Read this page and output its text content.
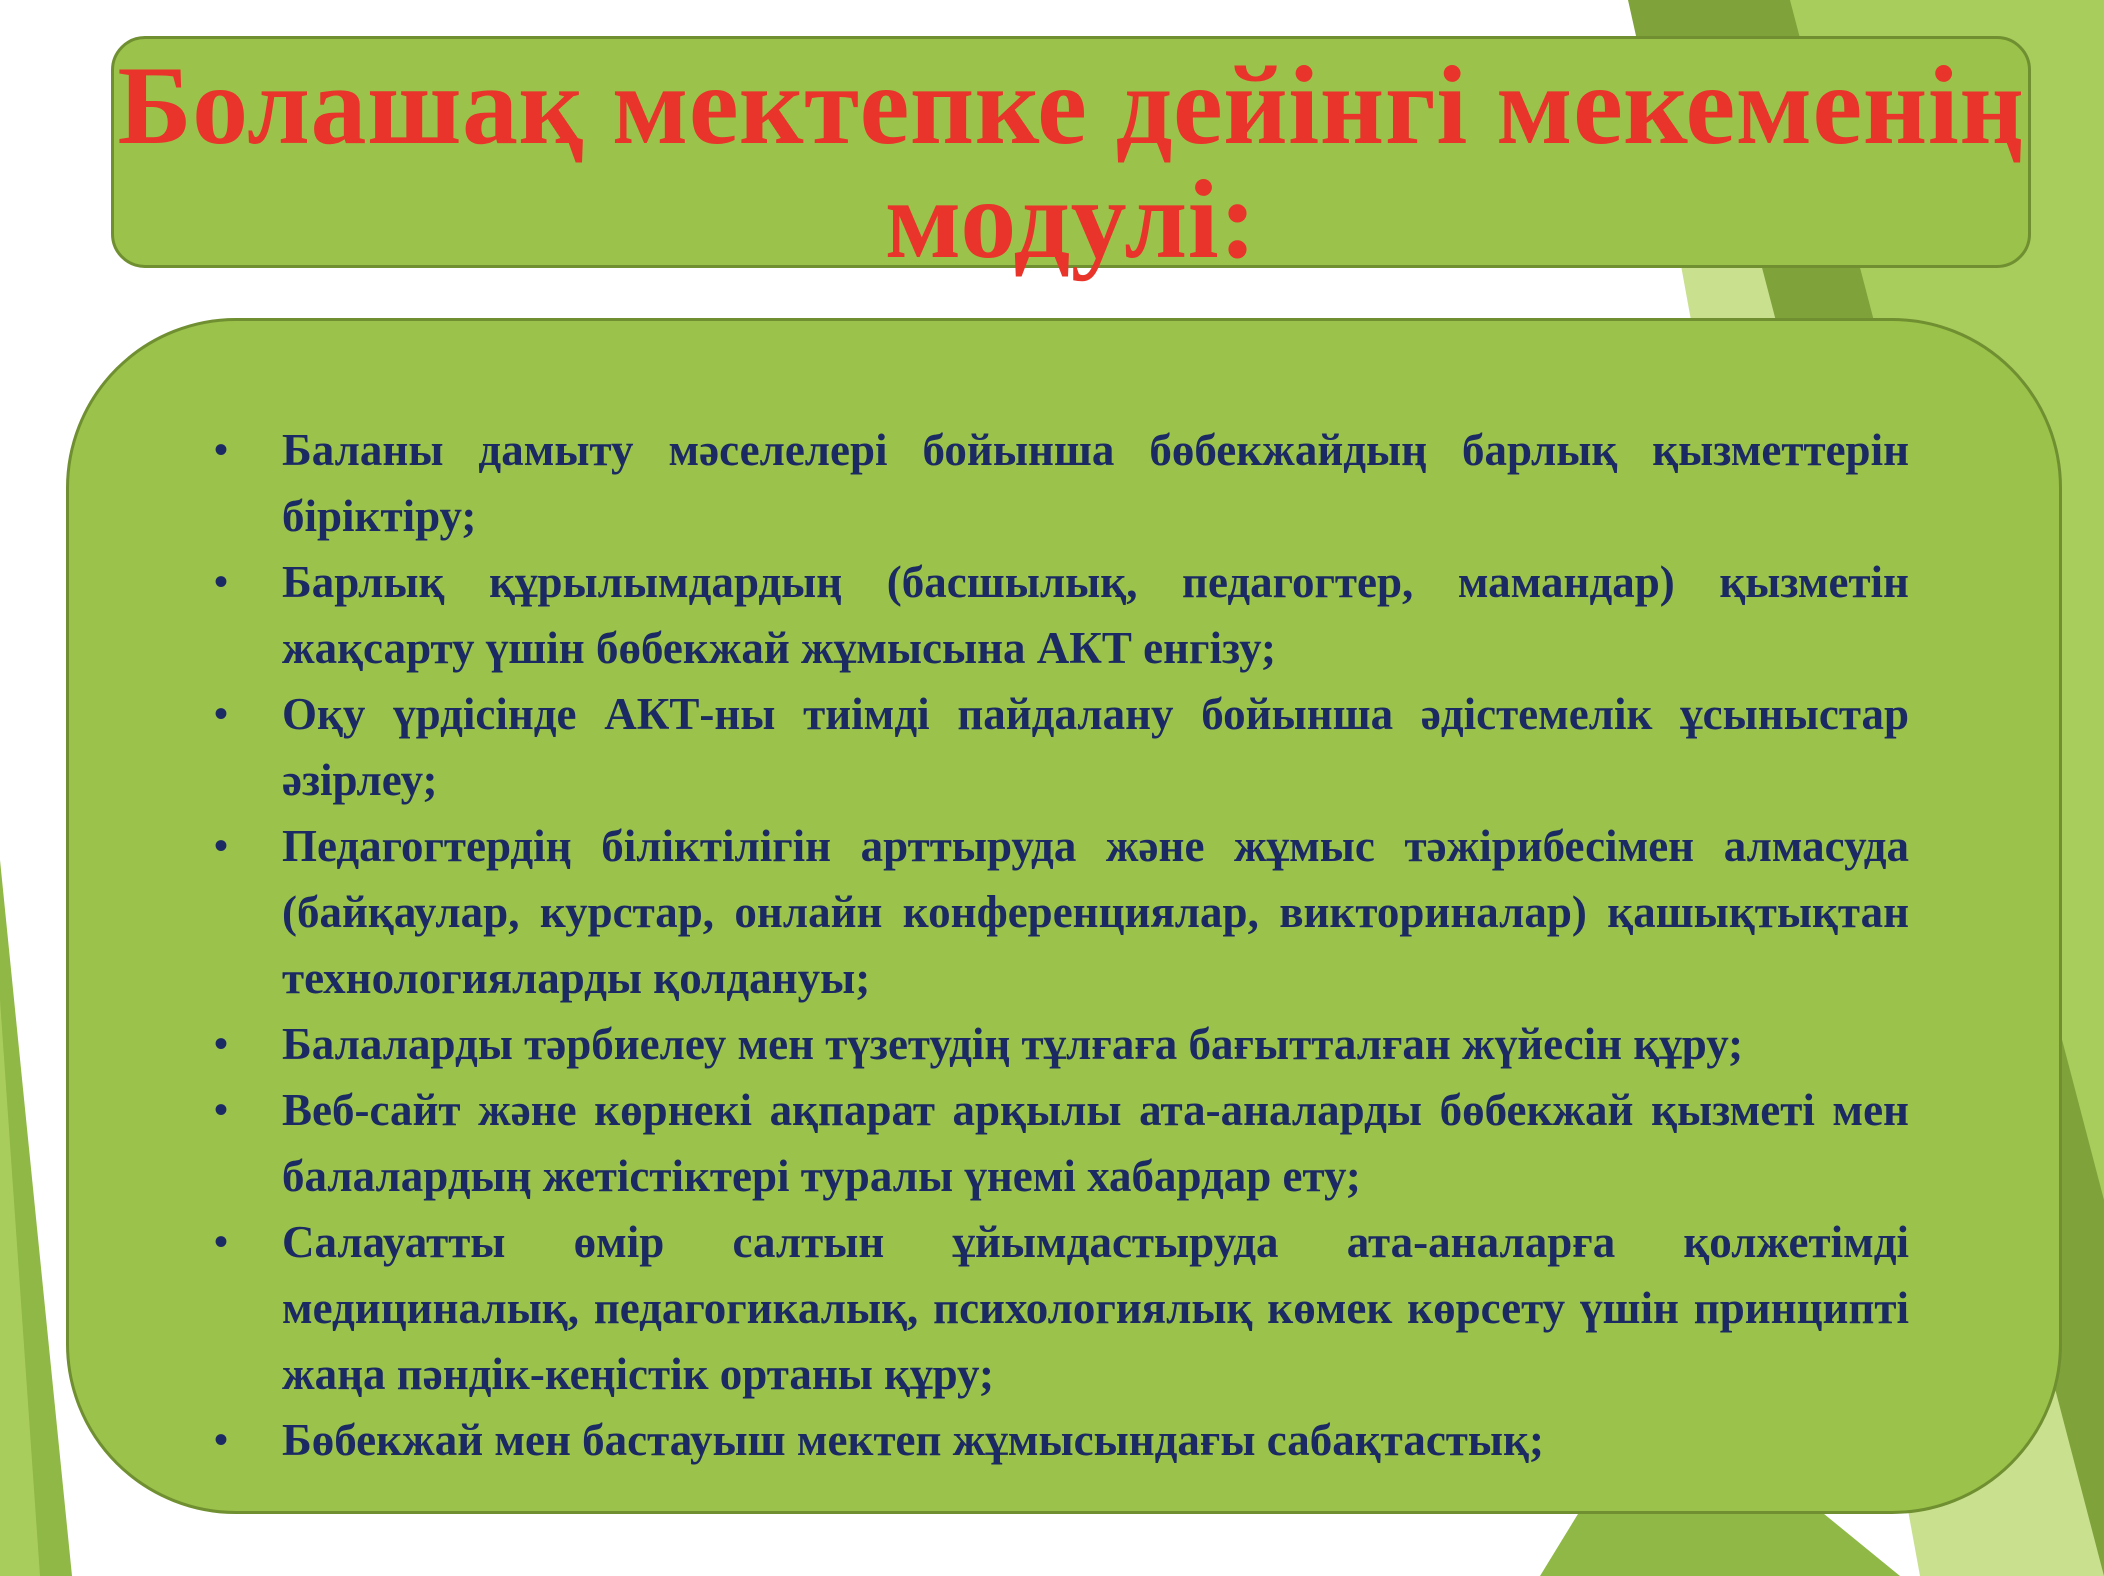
Болашақ мектепке дейінгі мекеменің модулі:
• Баланы дамыту мәселелері бойынша бөбекжайдың барлық қызметтерін біріктіру;
• Барлық құрылымдардың (басшылық, педагогтер, мамандар) қызметін жақсарту үшін бөбекжай жұмысына АКТ енгізу;
• Оқу үрдісінде АКТ-ны тиімді пайдалану бойынша әдістемелік ұсыныстар әзірлеу;
• Педагогтердің біліктілігін арттыруда және жұмыс тәжірибесімен алмасуда (байқаулар, курстар, онлайн конференциялар, викториналар) қашықтықтан технологияларды қолдануы;
• Балаларды тәрбиелеу мен түзетудің тұлғаға бағытталған жүйесін құру;
• Веб-сайт және көрнекі ақпарат арқылы ата-аналарды бөбекжай қызметі мен балалардың жетістіктері туралы үнемі хабардар ету;
• Салауатты өмір салтын ұйымдастыруда ата-аналарға қолжетімді медициналық, педагогикалық, психологиялық көмек көрсету үшін принципті жаңа пәндік-кеңістік ортаны құру;
• Бөбекжай мен бастауыш мектеп жұмысындағы сабақтастық;
